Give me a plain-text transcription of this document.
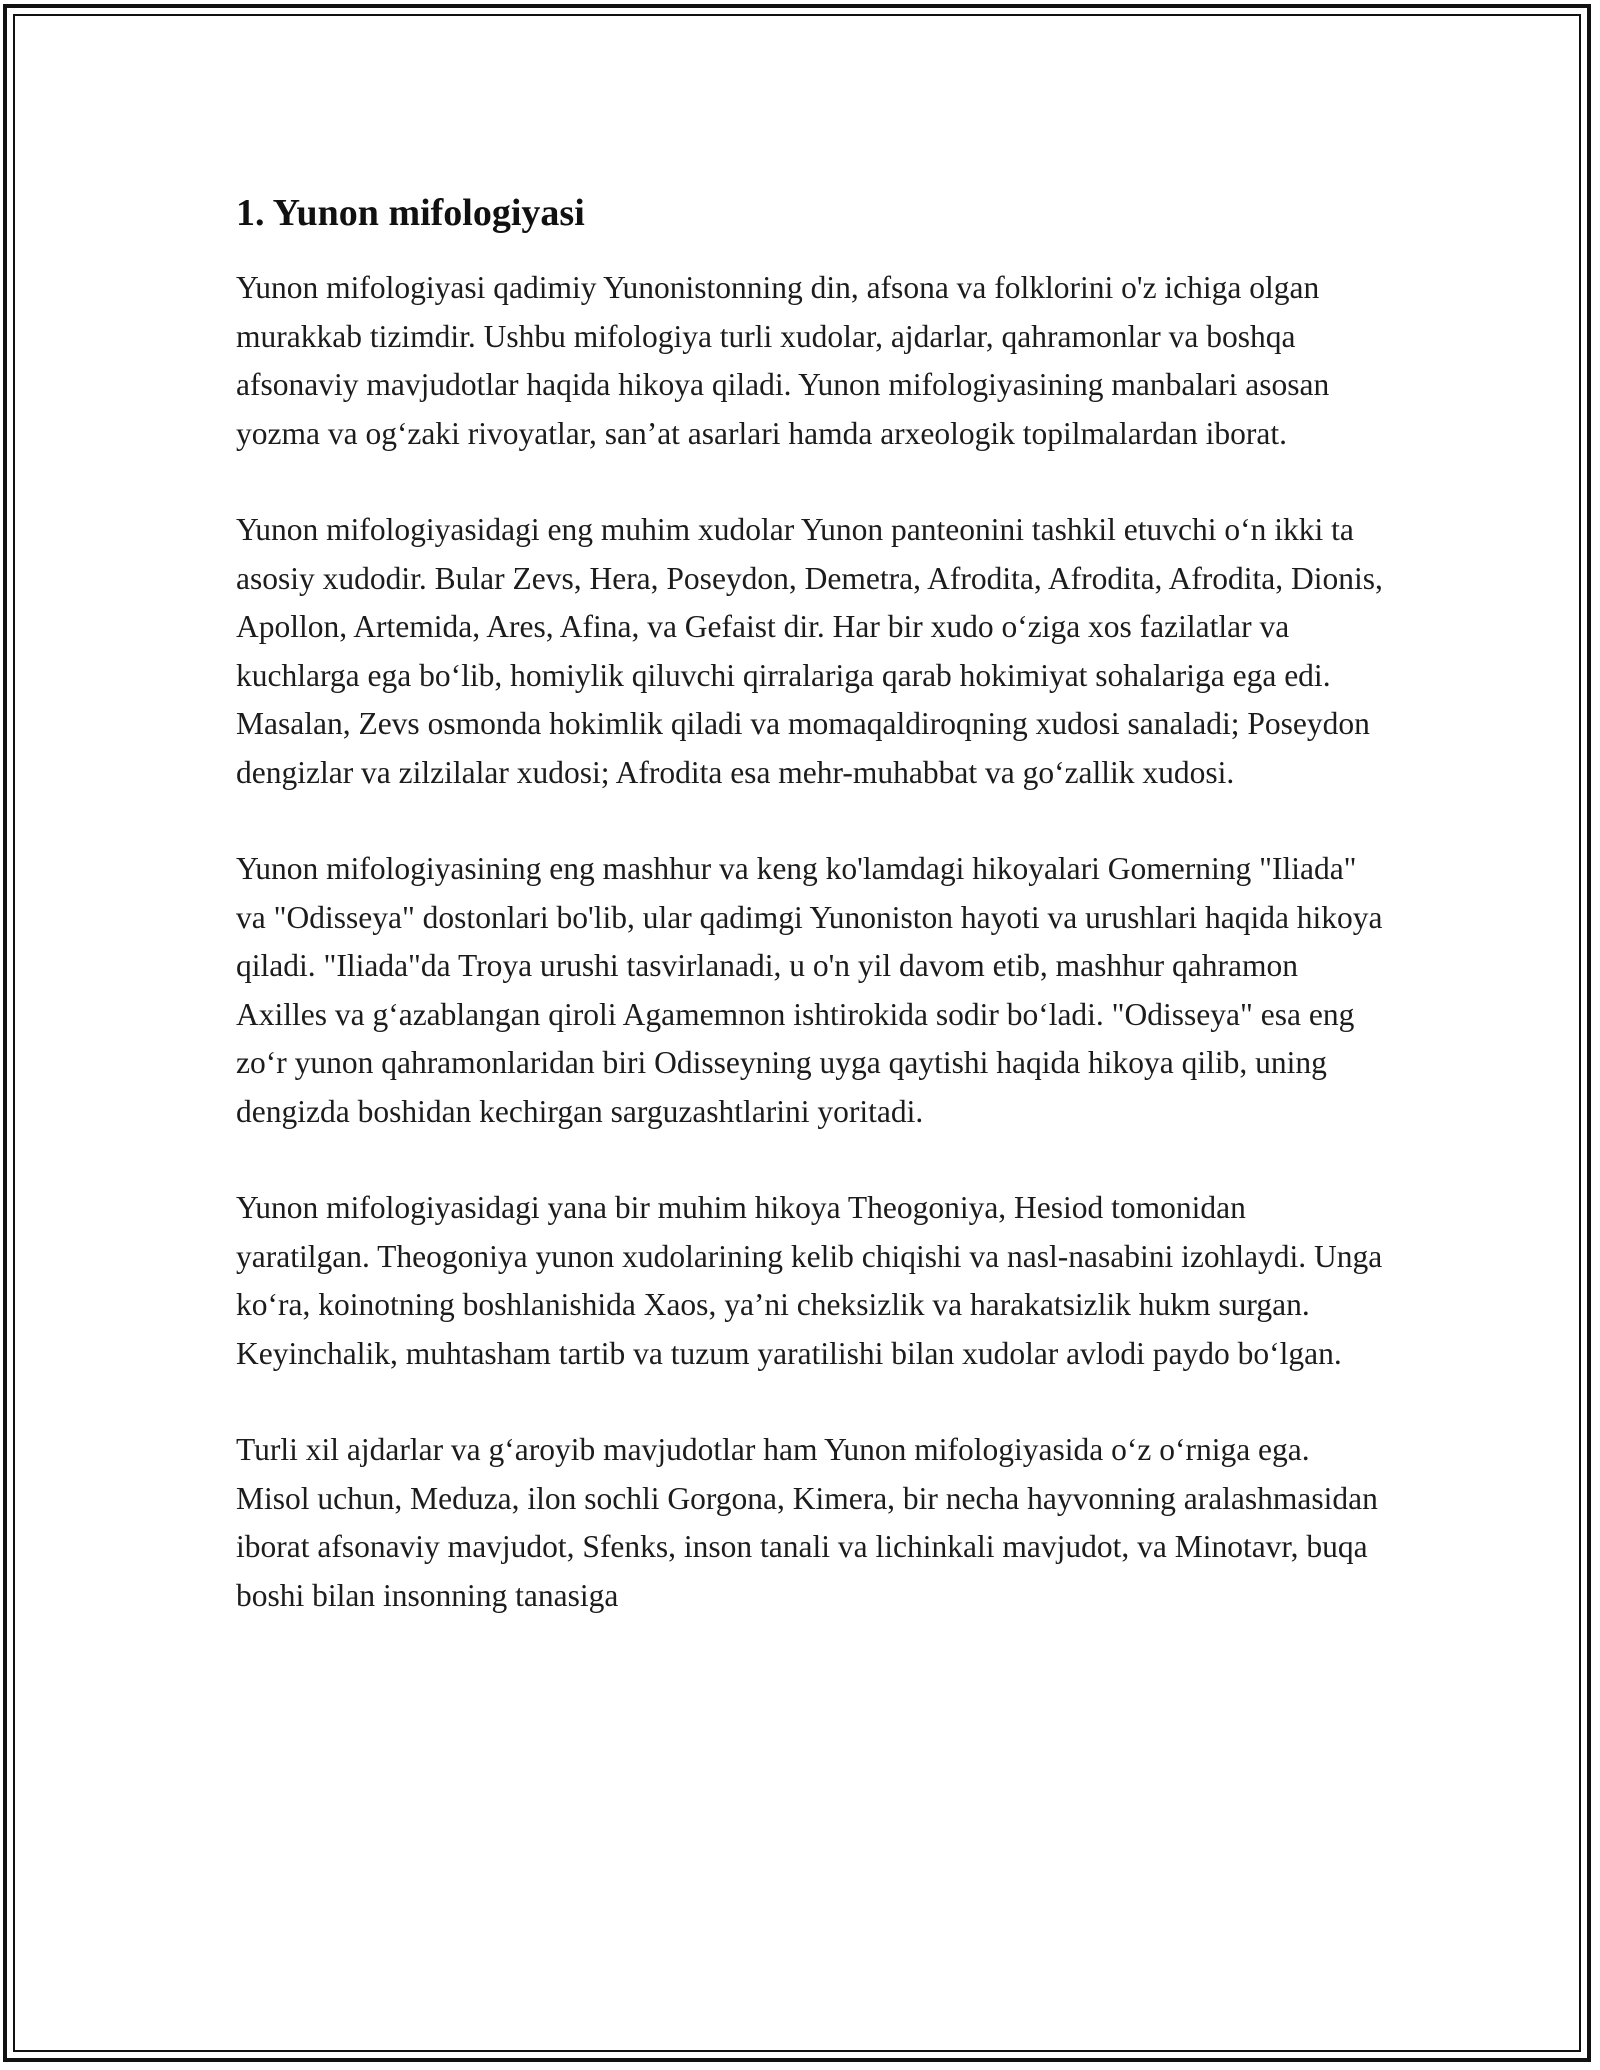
1. Yunon mifologiyasi

Yunon mifologiyasi qadimiy Yunonistonning din, afsona va folklorini o'z ichiga olgan murakkab tizimdir. Ushbu mifologiya turli xudolar, ajdarlar, qahramonlar va boshqa afsonaviy mavjudotlar haqida hikoya qiladi. Yunon mifologiyasining manbalari asosan yozma va og‘zaki rivoyatlar, san’at asarlari hamda arxeologik topilmalardan iborat.

Yunon mifologiyasidagi eng muhim xudolar Yunon panteonini tashkil etuvchi o‘n ikki ta asosiy xudodir. Bular Zevs, Hera, Poseydon, Demetra, Afrodita, Afrodita, Afrodita, Dionis, Apollon, Artemida, Ares, Afina, va Gefaist dir. Har bir xudo o‘ziga xos fazilatlar va kuchlarga ega bo‘lib, homiylik qiluvchi qirralariga qarab hokimiyat sohalariga ega edi. Masalan, Zevs osmonda hokimlik qiladi va momaqaldiroqning xudosi sanaladi; Poseydon dengizlar va zilzilalar xudosi; Afrodita esa mehr-muhabbat va go‘zallik xudosi.

Yunon mifologiyasining eng mashhur va keng ko'lamdagi hikoyalari Gomerning "Iliada" va "Odisseya" dostonlari bo'lib, ular qadimgi Yunoniston hayoti va urushlari haqida hikoya qiladi. "Iliada"da Troya urushi tasvirlanadi, u o'n yil davom etib, mashhur qahramon Axilles va g‘azablangan qiroli Agamemnon ishtirokida sodir bo‘ladi. "Odisseya" esa eng zo‘r yunon qahramonlaridan biri Odisseyning uyga qaytishi haqida hikoya qilib, uning dengizda boshidan kechirgan sarguzashtlarini yoritadi.

Yunon mifologiyasidagi yana bir muhim hikoya Theogoniya, Hesiod tomonidan yaratilgan. Theogoniya yunon xudolarining kelib chiqishi va nasl-nasabini izohlaydi. Unga ko‘ra, koinotning boshlanishida Xaos, ya’ni cheksizlik va harakatsizlik hukm surgan. Keyinchalik, muhtasham tartib va tuzum yaratilishi bilan xudolar avlodi paydo bo‘lgan.

Turli xil ajdarlar va g‘aroyib mavjudotlar ham Yunon mifologiyasida o‘z o‘rniga ega. Misol uchun, Meduza, ilon sochli Gorgona, Kimera, bir necha hayvonning aralashmasidan iborat afsonaviy mavjudot, Sfenks, inson tanali va lichinkali mavjudot, va Minotavr, buqa boshi bilan insonning tanasiga
